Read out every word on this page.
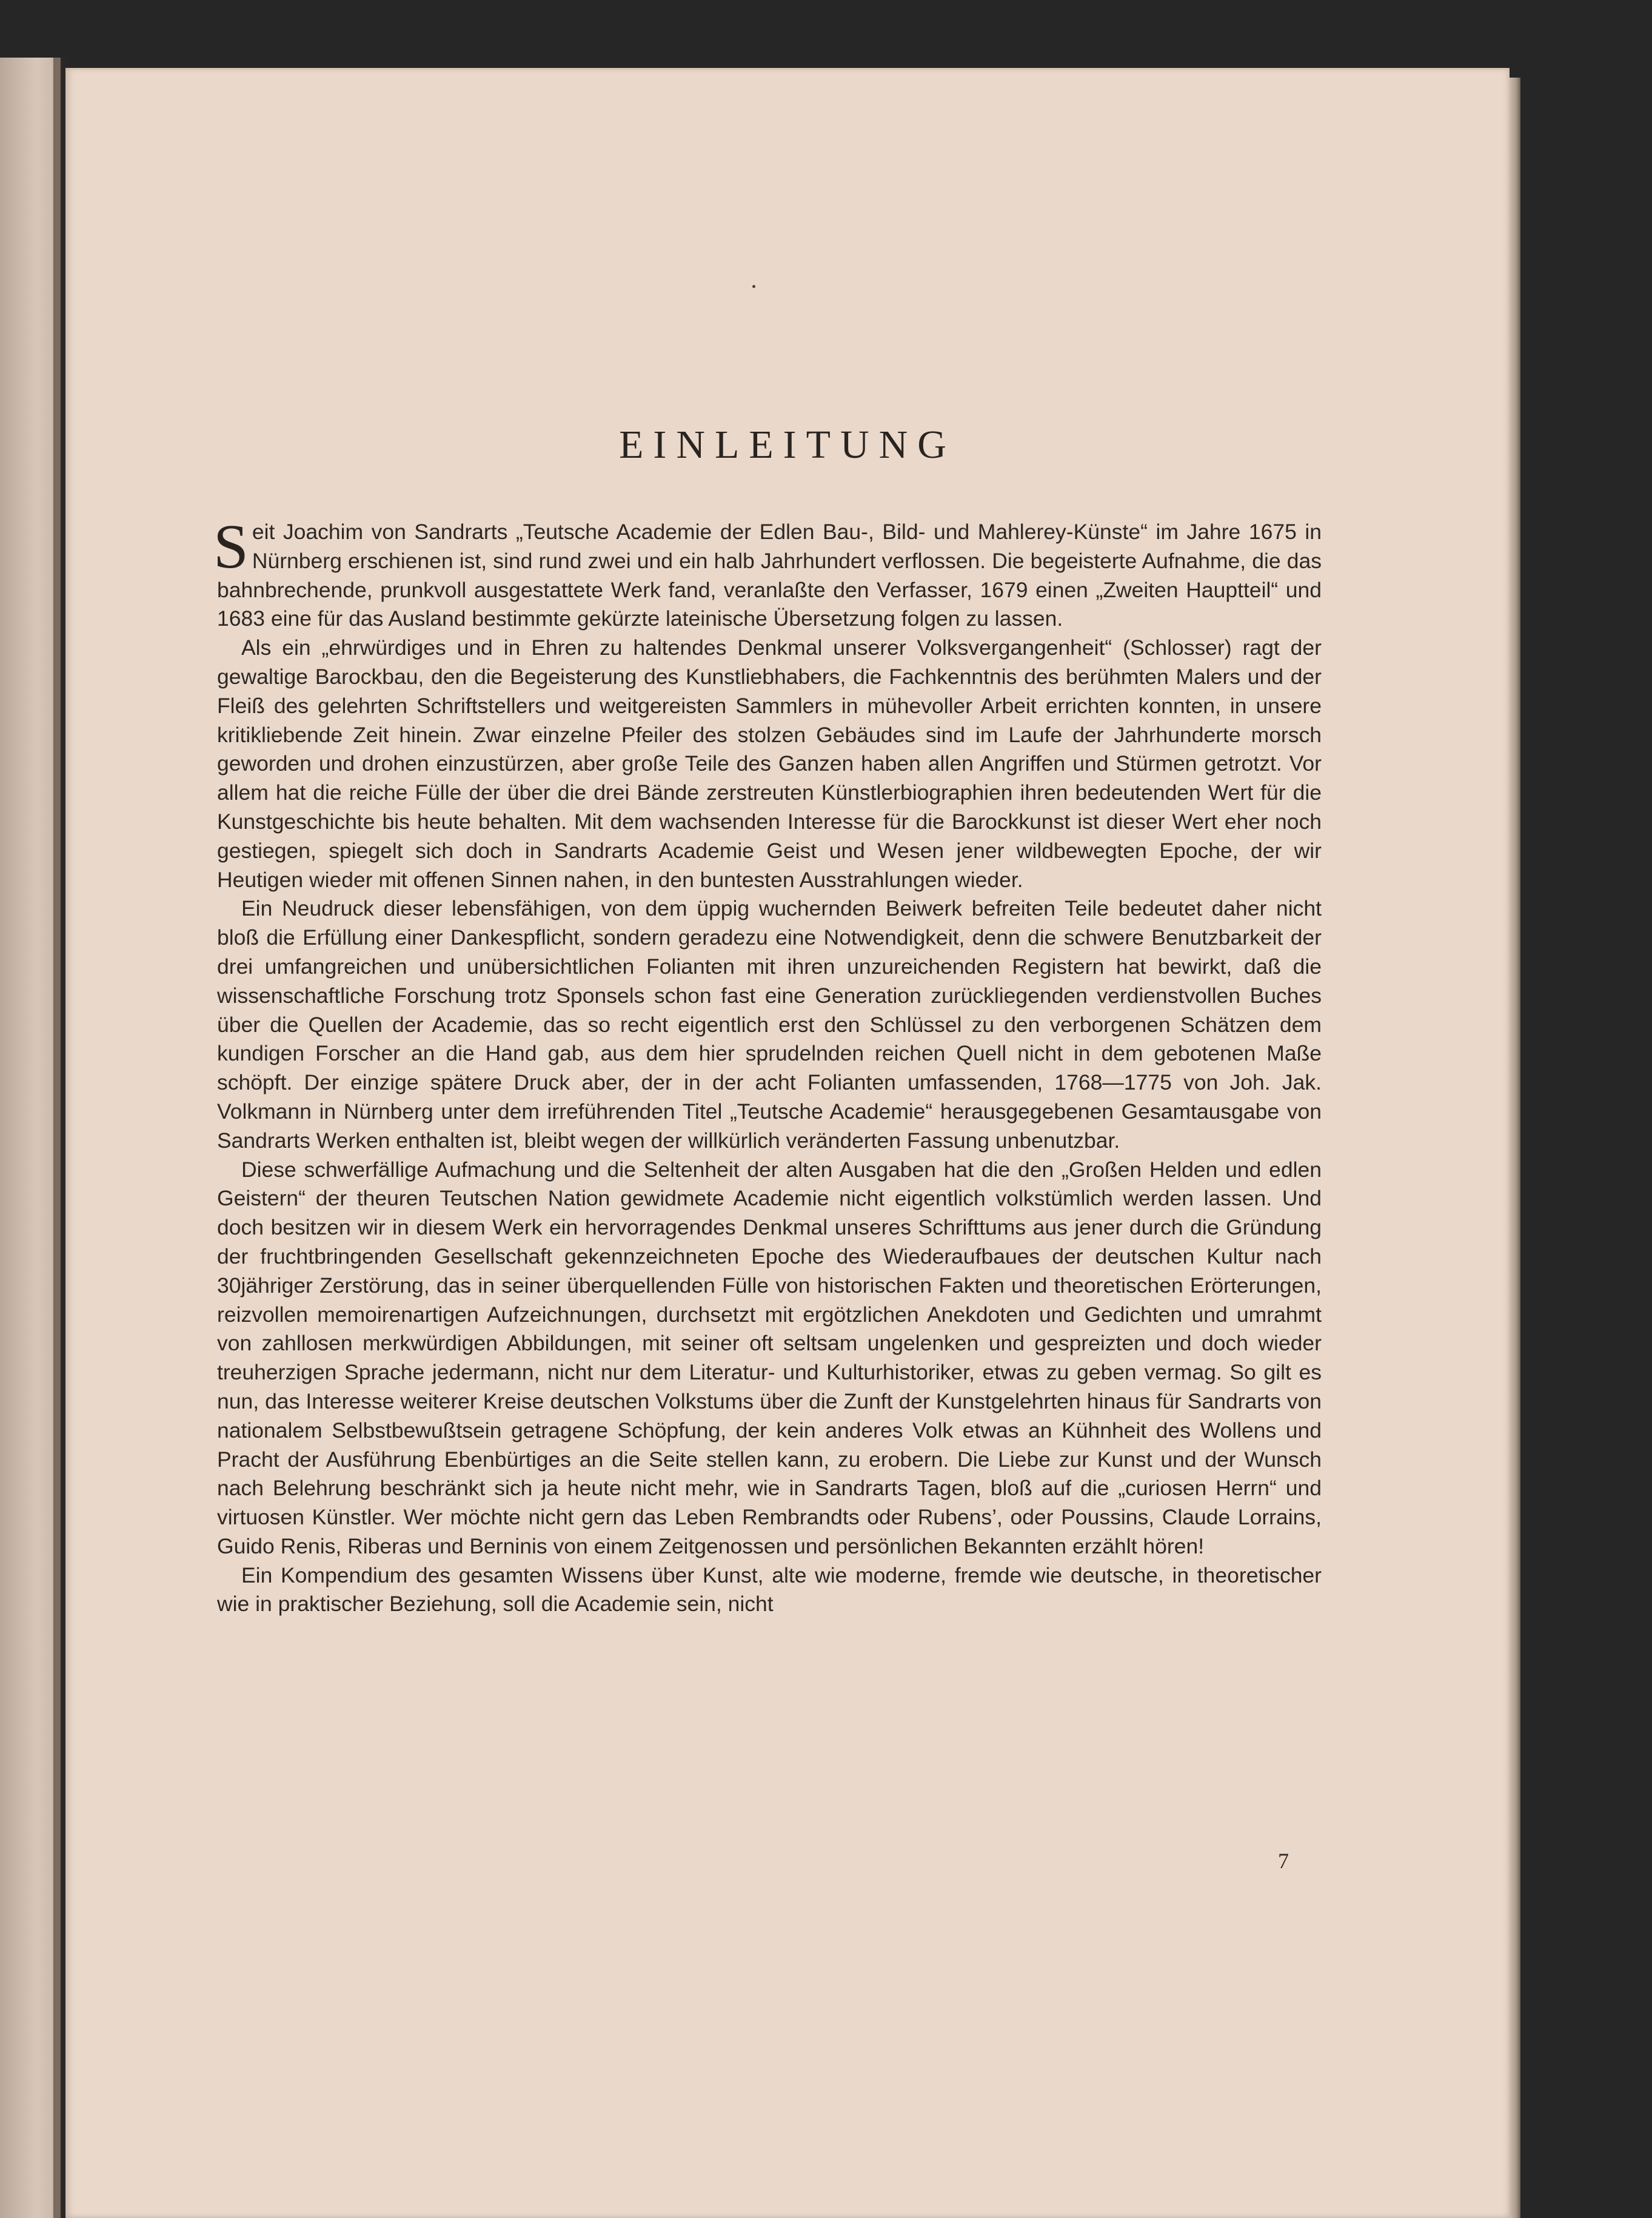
EINLEITUNG

Seit Joachim von Sandrarts „Teutsche Academie der Edlen Bau-, Bild- und Mahlerey-Künste“ im Jahre 1675 in Nürnberg erschienen ist, sind rund zwei und ein halb Jahrhundert verflossen. Die begeisterte Aufnahme, die das bahnbrechende, prunkvoll ausgestattete Werk fand, veranlaßte den Verfasser, 1679 einen „Zweiten Hauptteil“ und 1683 eine für das Ausland bestimmte gekürzte lateinische Übersetzung folgen zu lassen.

Als ein „ehrwürdiges und in Ehren zu haltendes Denkmal unserer Volksvergangenheit“ (Schlosser) ragt der gewaltige Barockbau, den die Begeisterung des Kunstliebhabers, die Fachkenntnis des berühmten Malers und der Fleiß des gelehrten Schriftstellers und weitgereisten Sammlers in mühevoller Arbeit errichten konnten, in unsere kritikliebende Zeit hinein. Zwar einzelne Pfeiler des stolzen Gebäudes sind im Laufe der Jahrhunderte morsch geworden und drohen einzustürzen, aber große Teile des Ganzen haben allen Angriffen und Stürmen getrotzt. Vor allem hat die reiche Fülle der über die drei Bände zerstreuten Künstlerbiographien ihren bedeutenden Wert für die Kunstgeschichte bis heute behalten. Mit dem wachsenden Interesse für die Barockkunst ist dieser Wert eher noch gestiegen, spiegelt sich doch in Sandrarts Academie Geist und Wesen jener wildbewegten Epoche, der wir Heutigen wieder mit offenen Sinnen nahen, in den buntesten Ausstrahlungen wieder.

Ein Neudruck dieser lebensfähigen, von dem üppig wuchernden Beiwerk befreiten Teile bedeutet daher nicht bloß die Erfüllung einer Dankespflicht, sondern geradezu eine Notwendigkeit, denn die schwere Benutzbarkeit der drei umfangreichen und unübersichtlichen Folianten mit ihren unzureichenden Registern hat bewirkt, daß die wissenschaftliche Forschung trotz Sponsels schon fast eine Generation zurückliegenden verdienstvollen Buches über die Quellen der Academie, das so recht eigentlich erst den Schlüssel zu den verborgenen Schätzen dem kundigen Forscher an die Hand gab, aus dem hier sprudelnden reichen Quell nicht in dem gebotenen Maße schöpft. Der einzige spätere Druck aber, der in der acht Folianten umfassenden, 1768—1775 von Joh. Jak. Volkmann in Nürnberg unter dem irreführenden Titel „Teutsche Academie“ herausgegebenen Gesamtausgabe von Sandrarts Werken enthalten ist, bleibt wegen der willkürlich veränderten Fassung unbenutzbar.

Diese schwerfällige Aufmachung und die Seltenheit der alten Ausgaben hat die den „Großen Helden und edlen Geistern“ der theuren Teutschen Nation gewidmete Academie nicht eigentlich volkstümlich werden lassen. Und doch besitzen wir in diesem Werk ein hervorragendes Denkmal unseres Schrifttums aus jener durch die Gründung der fruchtbringenden Gesellschaft gekennzeichneten Epoche des Wiederaufbaues der deutschen Kultur nach 30jähriger Zerstörung, das in seiner überquellenden Fülle von historischen Fakten und theoretischen Erörterungen, reizvollen memoirenartigen Aufzeichnungen, durchsetzt mit ergötzlichen Anekdoten und Gedichten und umrahmt von zahllosen merkwürdigen Abbildungen, mit seiner oft seltsam ungelenken und gespreizten und doch wieder treuherzigen Sprache jedermann, nicht nur dem Literatur- und Kulturhistoriker, etwas zu geben vermag. So gilt es nun, das Interesse weiterer Kreise deutschen Volkstums über die Zunft der Kunstgelehrten hinaus für Sandrarts von nationalem Selbstbewußtsein getragene Schöpfung, der kein anderes Volk etwas an Kühnheit des Wollens und Pracht der Ausführung Ebenbürtiges an die Seite stellen kann, zu erobern. Die Liebe zur Kunst und der Wunsch nach Belehrung beschränkt sich ja heute nicht mehr, wie in Sandrarts Tagen, bloß auf die „curiosen Herrn“ und virtuosen Künstler. Wer möchte nicht gern das Leben Rembrandts oder Rubens’, oder Poussins, Claude Lorrains, Guido Renis, Riberas und Berninis von einem Zeitgenossen und persönlichen Bekannten erzählt hören!

Ein Kompendium des gesamten Wissens über Kunst, alte wie moderne, fremde wie deutsche, in theoretischer wie in praktischer Beziehung, soll die Academie sein, nicht

7
